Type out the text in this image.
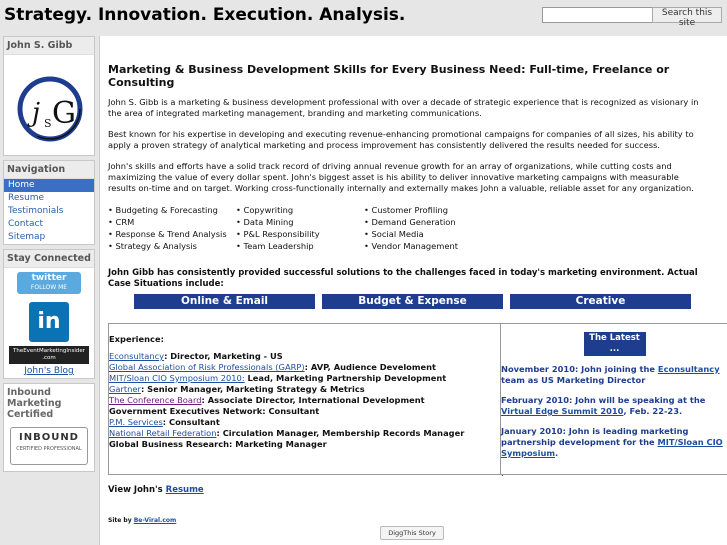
Strategy. Innovation. Execution. Analysis.	Search this site
John S. Gibb
j S G
Navigation
Home
Resume
Testimonials
Contact
Sitemap
Stay Connected
twitter
FOLLOW ME
in
TheEventMarketingInsider
.com
John's Blog
Inbound Marketing Certified
INBOUND
CERTIFIED PROFESSIONAL
Marketing & Business Development Skills for Every Business Need: Full-time, Freelance or Consulting

John S. Gibb is a marketing & business development professional with over a decade of strategic experience that is recognized as visionary in the area of integrated marketing management, branding and marketing communications.

Best known for his expertise in developing and executing revenue-enhancing promotional campaigns for companies of all sizes, his ability to apply a proven strategy of analytical marketing and process improvement has consistently delivered the results needed for success.

John's skills and efforts have a solid track record of driving annual revenue growth for an array of organizations, while cutting costs and maximizing the value of every dollar spent. John's biggest asset is his ability to deliver innovative marketing campaigns with measurable results on-time and on target. Working cross-functionally internally and externally makes John a valuable, reliable asset for any organization.

• Budgeting & Forecasting
• CRM
• Response & Trend Analysis
• Strategy & Analysis
• Copywriting
• Data Mining
• P&L Responsibility
• Team Leadership
• Customer Profiling
• Demand Generation
• Social Media
• Vendor Management
John Gibb has consistently provided successful solutions to the challenges faced in today's marketing environment. Actual Case Situations include:
Online & Email	Budget & Expense	Creative
Experience:
Econsultancy: Director, Marketing - US
Global Association of Risk Professionals (GARP): AVP, Audience Develoment
MIT/Sloan CIO Symposium 2010: Lead, Marketing Partnership Development
Gartner: Senior Manager, Marketing Strategy & Metrics
The Conference Board: Associate Director, International Development
Government Executives Network: Consultant
P.M. Services: Consultant
National Retail Federation: Circulation Manager, Membership Records Manager
Global Business Research: Marketing Manager
The Latest ...
November 2010: John joining the Econsultancy team as US Marketing Director
February 2010: John will be speaking at the Virtual Edge Summit 2010, Feb. 22-23.
January 2010: John is leading marketing partnership development for the MIT/Sloan CIO Symposium.
.
View John's Resume
Site by Be-Viral.com
DiggThis Story
